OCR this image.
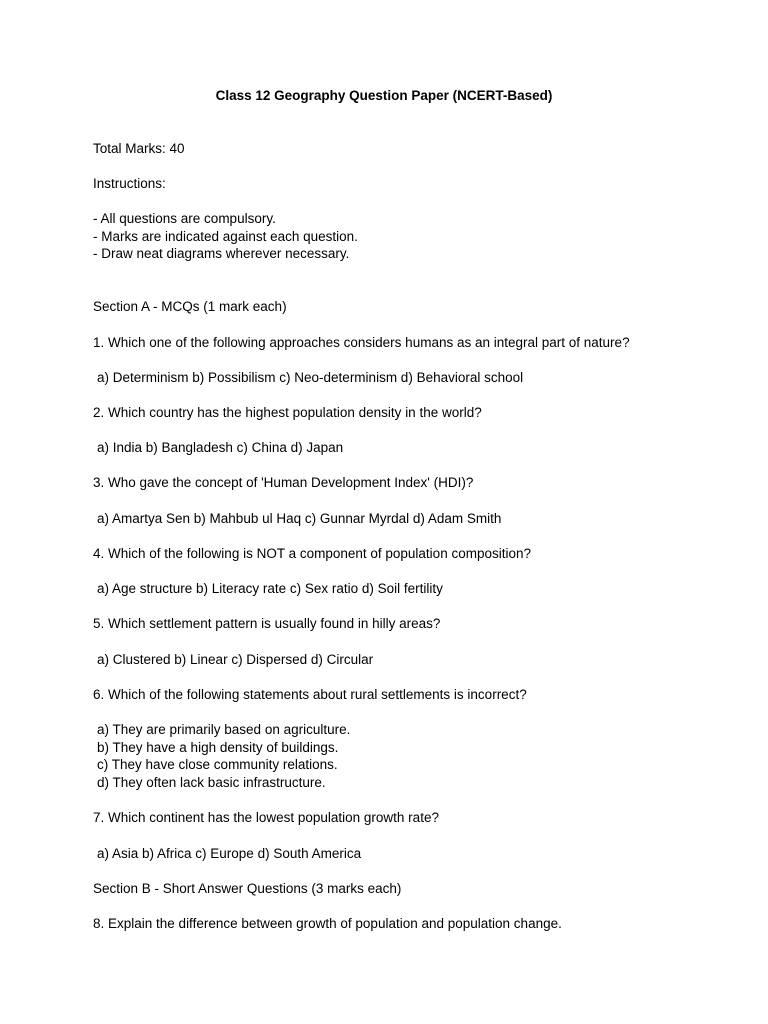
Class 12 Geography Question Paper (NCERT-Based)
Total Marks: 40
Instructions:
- All questions are compulsory.
- Marks are indicated against each question.
- Draw neat diagrams wherever necessary.
Section A - MCQs (1 mark each)
1. Which one of the following approaches considers humans as an integral part of nature?
a) Determinism b) Possibilism c) Neo-determinism d) Behavioral school
2. Which country has the highest population density in the world?
a) India b) Bangladesh c) China d) Japan
3. Who gave the concept of 'Human Development Index' (HDI)?
a) Amartya Sen b) Mahbub ul Haq c) Gunnar Myrdal d) Adam Smith
4. Which of the following is NOT a component of population composition?
a) Age structure b) Literacy rate c) Sex ratio d) Soil fertility
5. Which settlement pattern is usually found in hilly areas?
a) Clustered b) Linear c) Dispersed d) Circular
6. Which of the following statements about rural settlements is incorrect?
a) They are primarily based on agriculture.
b) They have a high density of buildings.
c) They have close community relations.
d) They often lack basic infrastructure.
7. Which continent has the lowest population growth rate?
a) Asia b) Africa c) Europe d) South America
Section B - Short Answer Questions (3 marks each)
8. Explain the difference between growth of population and population change.
